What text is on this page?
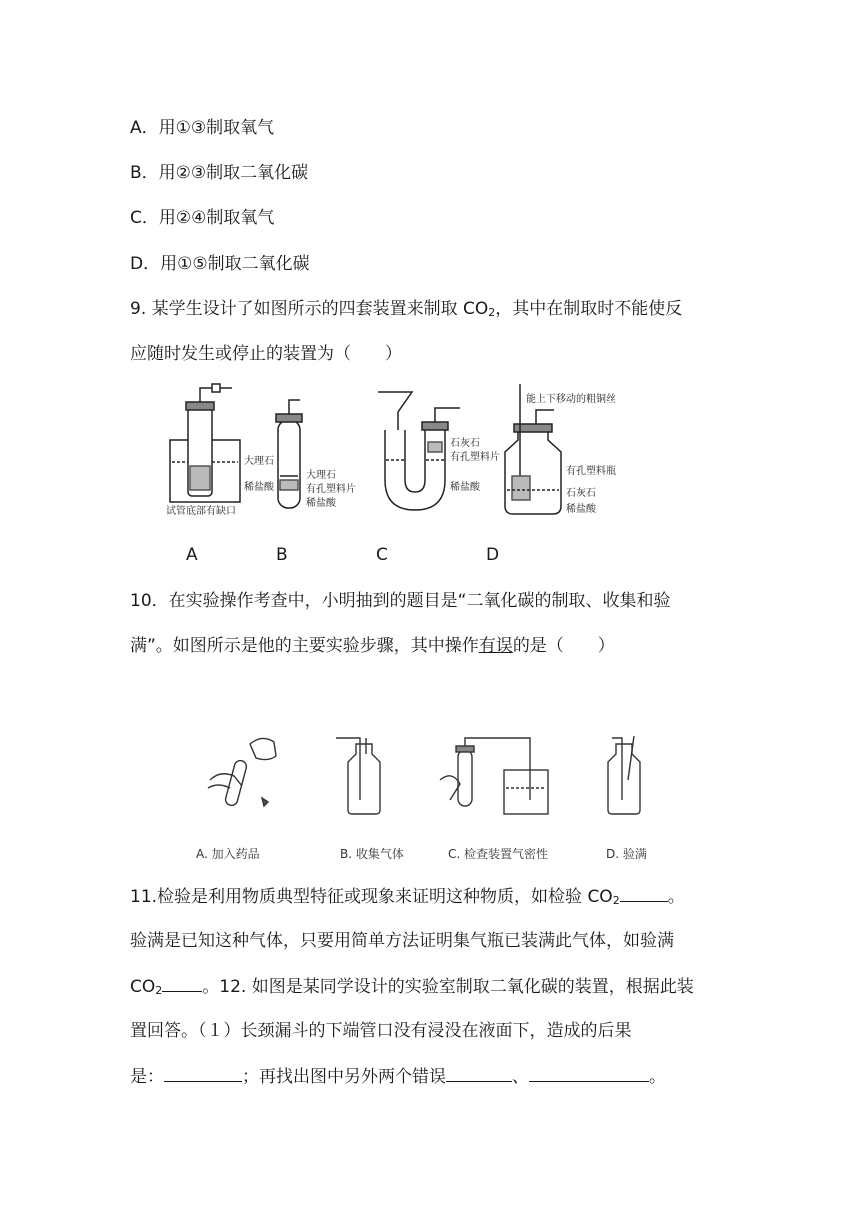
A．用①③制取氧气
B．用②③制取二氧化碳
C．用②④制取氧气
D．用①⑤制取二氧化碳
9. 某学生设计了如图所示的四套装置来制取 $CO_2$，其中在制取时不能使反
应随时发生或停止的装置为（　　）
大理石
稀盐酸
试管底部有缺口
大理石
有孔塑料片
稀盐酸
石灰石
有孔塑料片
稀盐酸
能上下移动的粗铜丝
有孔塑料瓶
石灰石
稀盐酸
A	B	C	D
10．在实验操作考查中，小明抽到的题目是“二氧化碳的制取、收集和验
满”。如图所示是他的主要实验步骤，其中操作有误的是（　　）
A. 加入药品	B. 收集气体	C. 检查装置气密性	D. 验满
11.检验是利用物质典型特征或现象来证明这种物质，如检验 $CO_2$	。
验满是已知这种气体，只要用简单方法证明集气瓶已装满此气体，如验满
$CO_2$ 。12. 如图是某同学设计的实验室制取二氧化碳的装置，根据此装
置回答。（１）长颈漏斗的下端管口没有浸没在液面下，造成的后果
是：	；再找出图中另外两个错误	、	。
